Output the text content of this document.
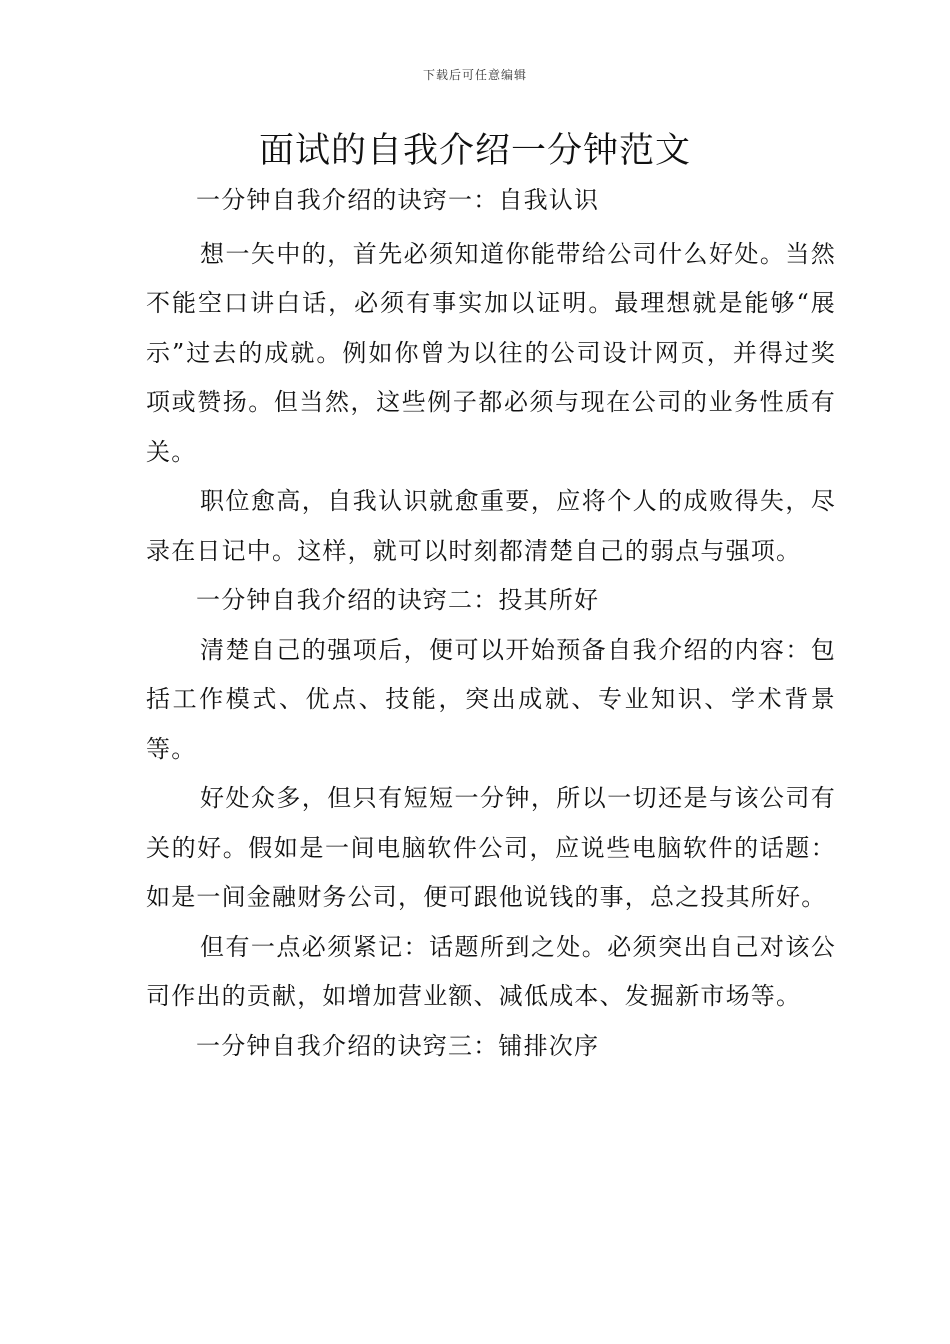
下载后可任意编辑
面试的自我介绍一分钟范文
一分钟自我介绍的诀窍一：自我认识

想一矢中的，首先必须知道你能带给公司什么好处。当然不能空口讲白话，必须有事实加以证明。最理想就是能够“展示”过去的成就。例如你曾为以往的公司设计网页，并得过奖项或赞扬。但当然，这些例子都必须与现在公司的业务性质有关。

职位愈高，自我认识就愈重要，应将个人的成败得失，尽录在日记中。这样，就可以时刻都清楚自己的弱点与强项。

一分钟自我介绍的诀窍二：投其所好

清楚自己的强项后，便可以开始预备自我介绍的内容：包括工作模式、优点、技能，突出成就、专业知识、学术背景等。

好处众多，但只有短短一分钟，所以一切还是与该公司有关的好。假如是一间电脑软件公司，应说些电脑软件的话题：如是一间金融财务公司，便可跟他说钱的事，总之投其所好。

但有一点必须紧记：话题所到之处。必须突出自己对该公司作出的贡献，如增加营业额、减低成本、发掘新市场等。

一分钟自我介绍的诀窍三：铺排次序
